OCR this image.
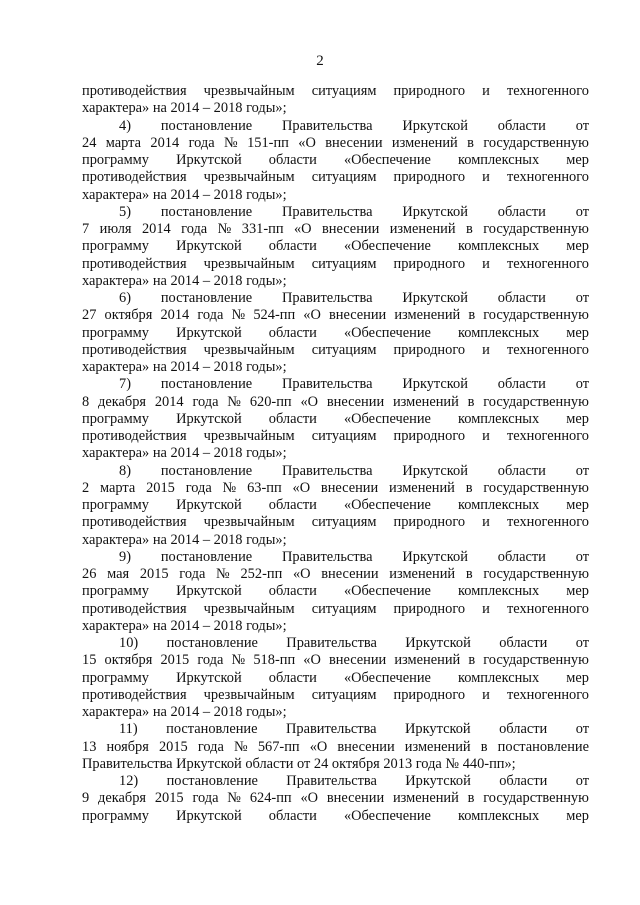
2
противодействия чрезвычайным ситуациям природного и техногенного
характера» на 2014 – 2018 годы»;
4) постановление Правительства Иркутской области от
24 марта 2014 года № 151-пп «О внесении изменений в государственную
программу Иркутской области «Обеспечение комплексных мер
противодействия чрезвычайным ситуациям природного и техногенного
характера» на 2014 – 2018 годы»;
5) постановление Правительства Иркутской области от
7 июля 2014 года № 331-пп «О внесении изменений в государственную
программу Иркутской области «Обеспечение комплексных мер
противодействия чрезвычайным ситуациям природного и техногенного
характера» на 2014 – 2018 годы»;
6) постановление Правительства Иркутской области от
27 октября 2014 года № 524-пп «О внесении изменений в государственную
программу Иркутской области «Обеспечение комплексных мер
противодействия чрезвычайным ситуациям природного и техногенного
характера» на 2014 – 2018 годы»;
7) постановление Правительства Иркутской области от
8 декабря 2014 года № 620-пп «О внесении изменений в государственную
программу Иркутской области «Обеспечение комплексных мер
противодействия чрезвычайным ситуациям природного и техногенного
характера» на 2014 – 2018 годы»;
8) постановление Правительства Иркутской области от
2 марта 2015 года № 63-пп «О внесении изменений в государственную
программу Иркутской области «Обеспечение комплексных мер
противодействия чрезвычайным ситуациям природного и техногенного
характера» на 2014 – 2018 годы»;
9) постановление Правительства Иркутской области от
26 мая 2015 года № 252-пп «О внесении изменений в государственную
программу Иркутской области «Обеспечение комплексных мер
противодействия чрезвычайным ситуациям природного и техногенного
характера» на 2014 – 2018 годы»;
10) постановление Правительства Иркутской области от
15 октября 2015 года № 518-пп «О внесении изменений в государственную
программу Иркутской области «Обеспечение комплексных мер
противодействия чрезвычайным ситуациям природного и техногенного
характера» на 2014 – 2018 годы»;
11) постановление Правительства Иркутской области от
13 ноября 2015 года № 567-пп «О внесении изменений в постановление
Правительства Иркутской области от 24 октября 2013 года № 440-пп»;
12) постановление Правительства Иркутской области от
9 декабря 2015 года № 624-пп «О внесении изменений в государственную
программу Иркутской области «Обеспечение комплексных мер
